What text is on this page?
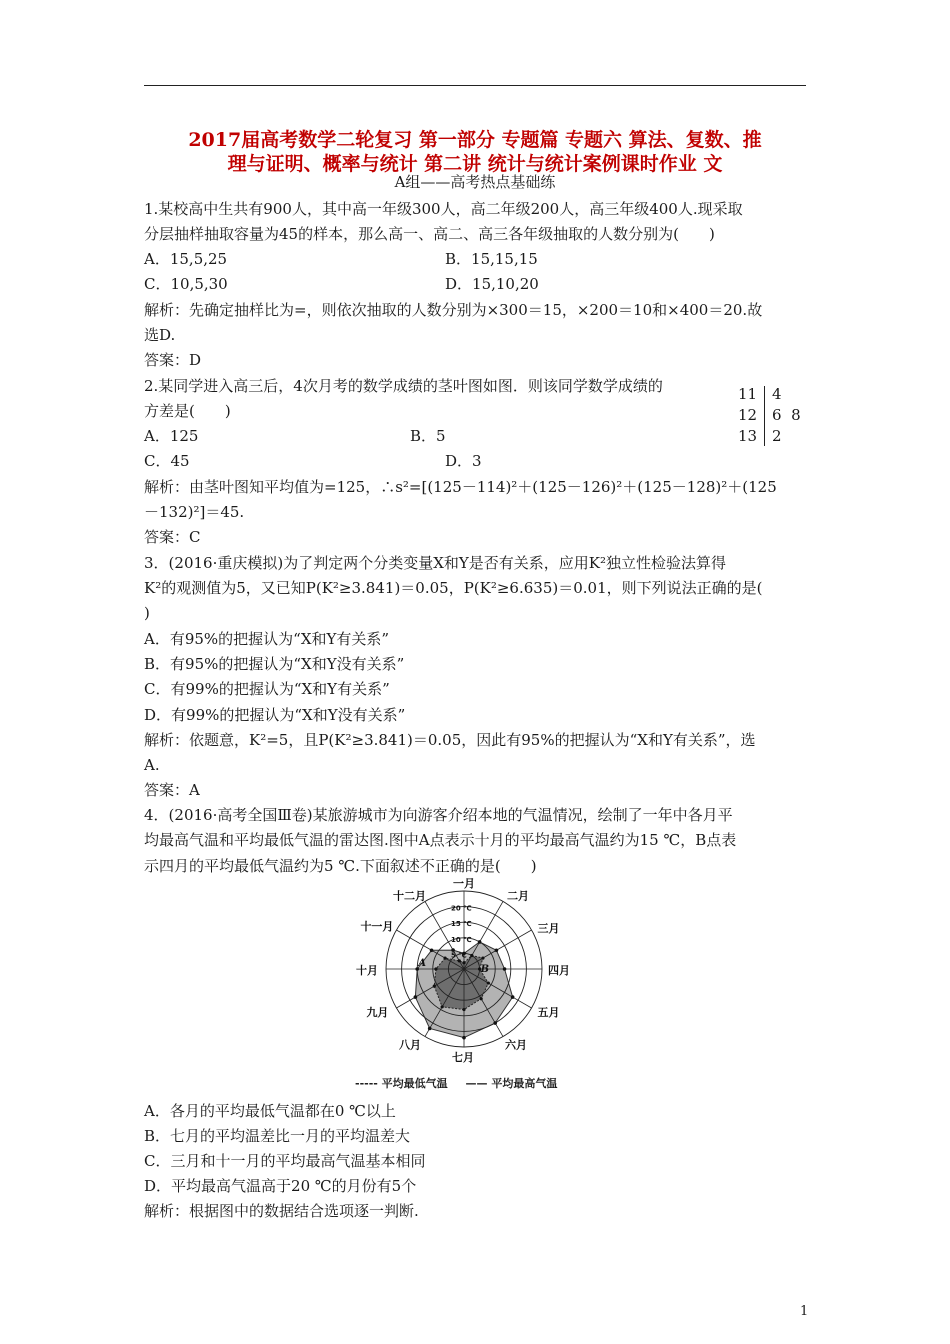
2017届高考数学二轮复习 第一部分 专题篇 专题六 算法、复数、推
理与证明、概率与统计 第二讲 统计与统计案例课时作业 文
A组——高考热点基础练
1.某校高中生共有900人，其中高一年级300人，高二年级200人，高三年级400人.现采取
分层抽样抽取容量为45的样本，那么高一、高二、高三各年级抽取的人数分别为(　　)
A．15,5,25	B．15,15,15
C．10,5,30	D．15,10,20
解析：先确定抽样比为=，则依次抽取的人数分别为×300＝15，×200＝10和×400＝20.故
选D.
答案：D
2.某同学进入高三后，4次月考的数学成绩的茎叶图如图．则该同学数学成绩的
方差是(　　)
A．125	B．5
C．45	D．3
11 4
12 6  8
13 2
解析：由茎叶图知平均值为=125，∴s²=[(125－114)²＋(125－126)²＋(125－128)²＋(125
－132)²]＝45.
答案：C
3．(2016·重庆模拟)为了判定两个分类变量X和Y是否有关系，应用K²独立性检验法算得
K²的观测值为5，又已知P(K²≥3.841)＝0.05，P(K²≥6.635)＝0.01，则下列说法正确的是(
)
A．有95%的把握认为“X和Y有关系”
B．有95%的把握认为“X和Y没有关系”
C．有99%的把握认为“X和Y有关系”
D．有99%的把握认为“X和Y没有关系”
解析：依题意，K²=5，且P(K²≥3.841)＝0.05，因此有95%的把握认为“X和Y有关系”，选
A.
答案：A
4．(2016·高考全国Ⅲ卷)某旅游城市为向游客介绍本地的气温情况，绘制了一年中各月平
均最高气温和平均最低气温的雷达图.图中A点表示十月的平均最高气温约为15 ℃，B点表
示四月的平均最低气温约为5 ℃.下面叙述不正确的是(　　)
5 ℃
10 ℃
15 ℃
20 ℃
一月
二月
三月
四月
五月
六月
七月
八月
九月
十月
十一月
十二月
A
B
----- 平均最低气温 —— 平均最高气温
A．各月的平均最低气温都在0 ℃以上
B．七月的平均温差比一月的平均温差大
C．三月和十一月的平均最高气温基本相同
D．平均最高气温高于20 ℃的月份有5个
解析：根据图中的数据结合选项逐一判断.
1
